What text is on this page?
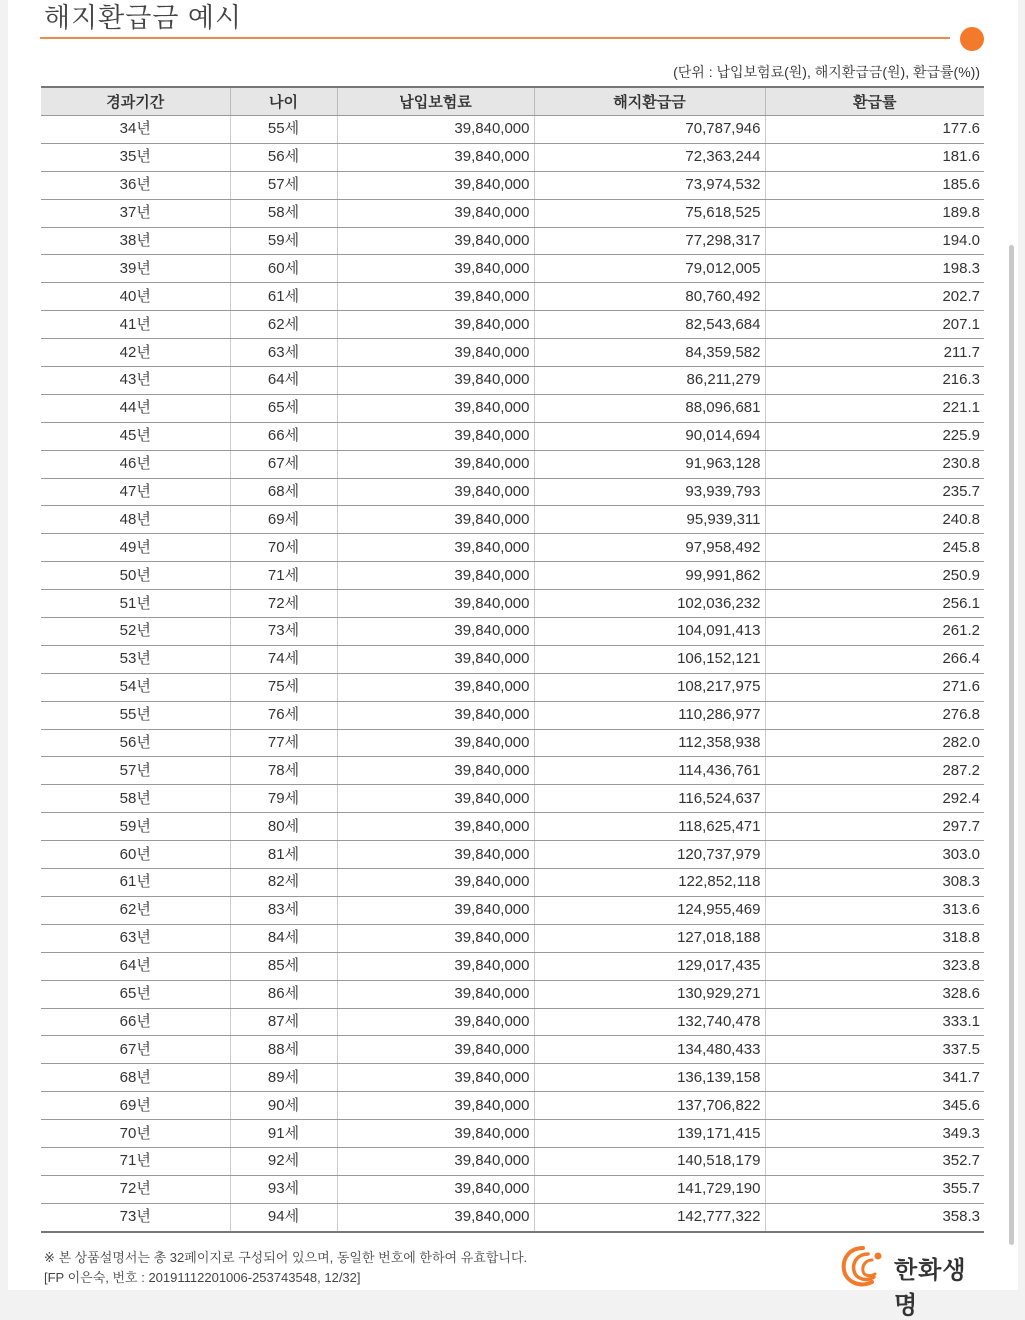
해지환급금 예시
(단위 : 납입보험료(원), 해지환급금(원), 환급률(%))
경과기간	나이	납입보험료	해지환급금	환급률
34년	55세	39,840,000	70,787,946	177.6
35년	56세	39,840,000	72,363,244	181.6
36년	57세	39,840,000	73,974,532	185.6
37년	58세	39,840,000	75,618,525	189.8
38년	59세	39,840,000	77,298,317	194.0
39년	60세	39,840,000	79,012,005	198.3
40년	61세	39,840,000	80,760,492	202.7
41년	62세	39,840,000	82,543,684	207.1
42년	63세	39,840,000	84,359,582	211.7
43년	64세	39,840,000	86,211,279	216.3
44년	65세	39,840,000	88,096,681	221.1
45년	66세	39,840,000	90,014,694	225.9
46년	67세	39,840,000	91,963,128	230.8
47년	68세	39,840,000	93,939,793	235.7
48년	69세	39,840,000	95,939,311	240.8
49년	70세	39,840,000	97,958,492	245.8
50년	71세	39,840,000	99,991,862	250.9
51년	72세	39,840,000	102,036,232	256.1
52년	73세	39,840,000	104,091,413	261.2
53년	74세	39,840,000	106,152,121	266.4
54년	75세	39,840,000	108,217,975	271.6
55년	76세	39,840,000	110,286,977	276.8
56년	77세	39,840,000	112,358,938	282.0
57년	78세	39,840,000	114,436,761	287.2
58년	79세	39,840,000	116,524,637	292.4
59년	80세	39,840,000	118,625,471	297.7
60년	81세	39,840,000	120,737,979	303.0
61년	82세	39,840,000	122,852,118	308.3
62년	83세	39,840,000	124,955,469	313.6
63년	84세	39,840,000	127,018,188	318.8
64년	85세	39,840,000	129,017,435	323.8
65년	86세	39,840,000	130,929,271	328.6
66년	87세	39,840,000	132,740,478	333.1
67년	88세	39,840,000	134,480,433	337.5
68년	89세	39,840,000	136,139,158	341.7
69년	90세	39,840,000	137,706,822	345.6
70년	91세	39,840,000	139,171,415	349.3
71년	92세	39,840,000	140,518,179	352.7
72년	93세	39,840,000	141,729,190	355.7
73년	94세	39,840,000	142,777,322	358.3
※ 본 상품설명서는 총 32페이지로 구성되어 있으며, 동일한 번호에 한하여 유효합니다.
[FP 이은숙, 번호 : 20191112201006-253743548, 12/32]	한화생명
